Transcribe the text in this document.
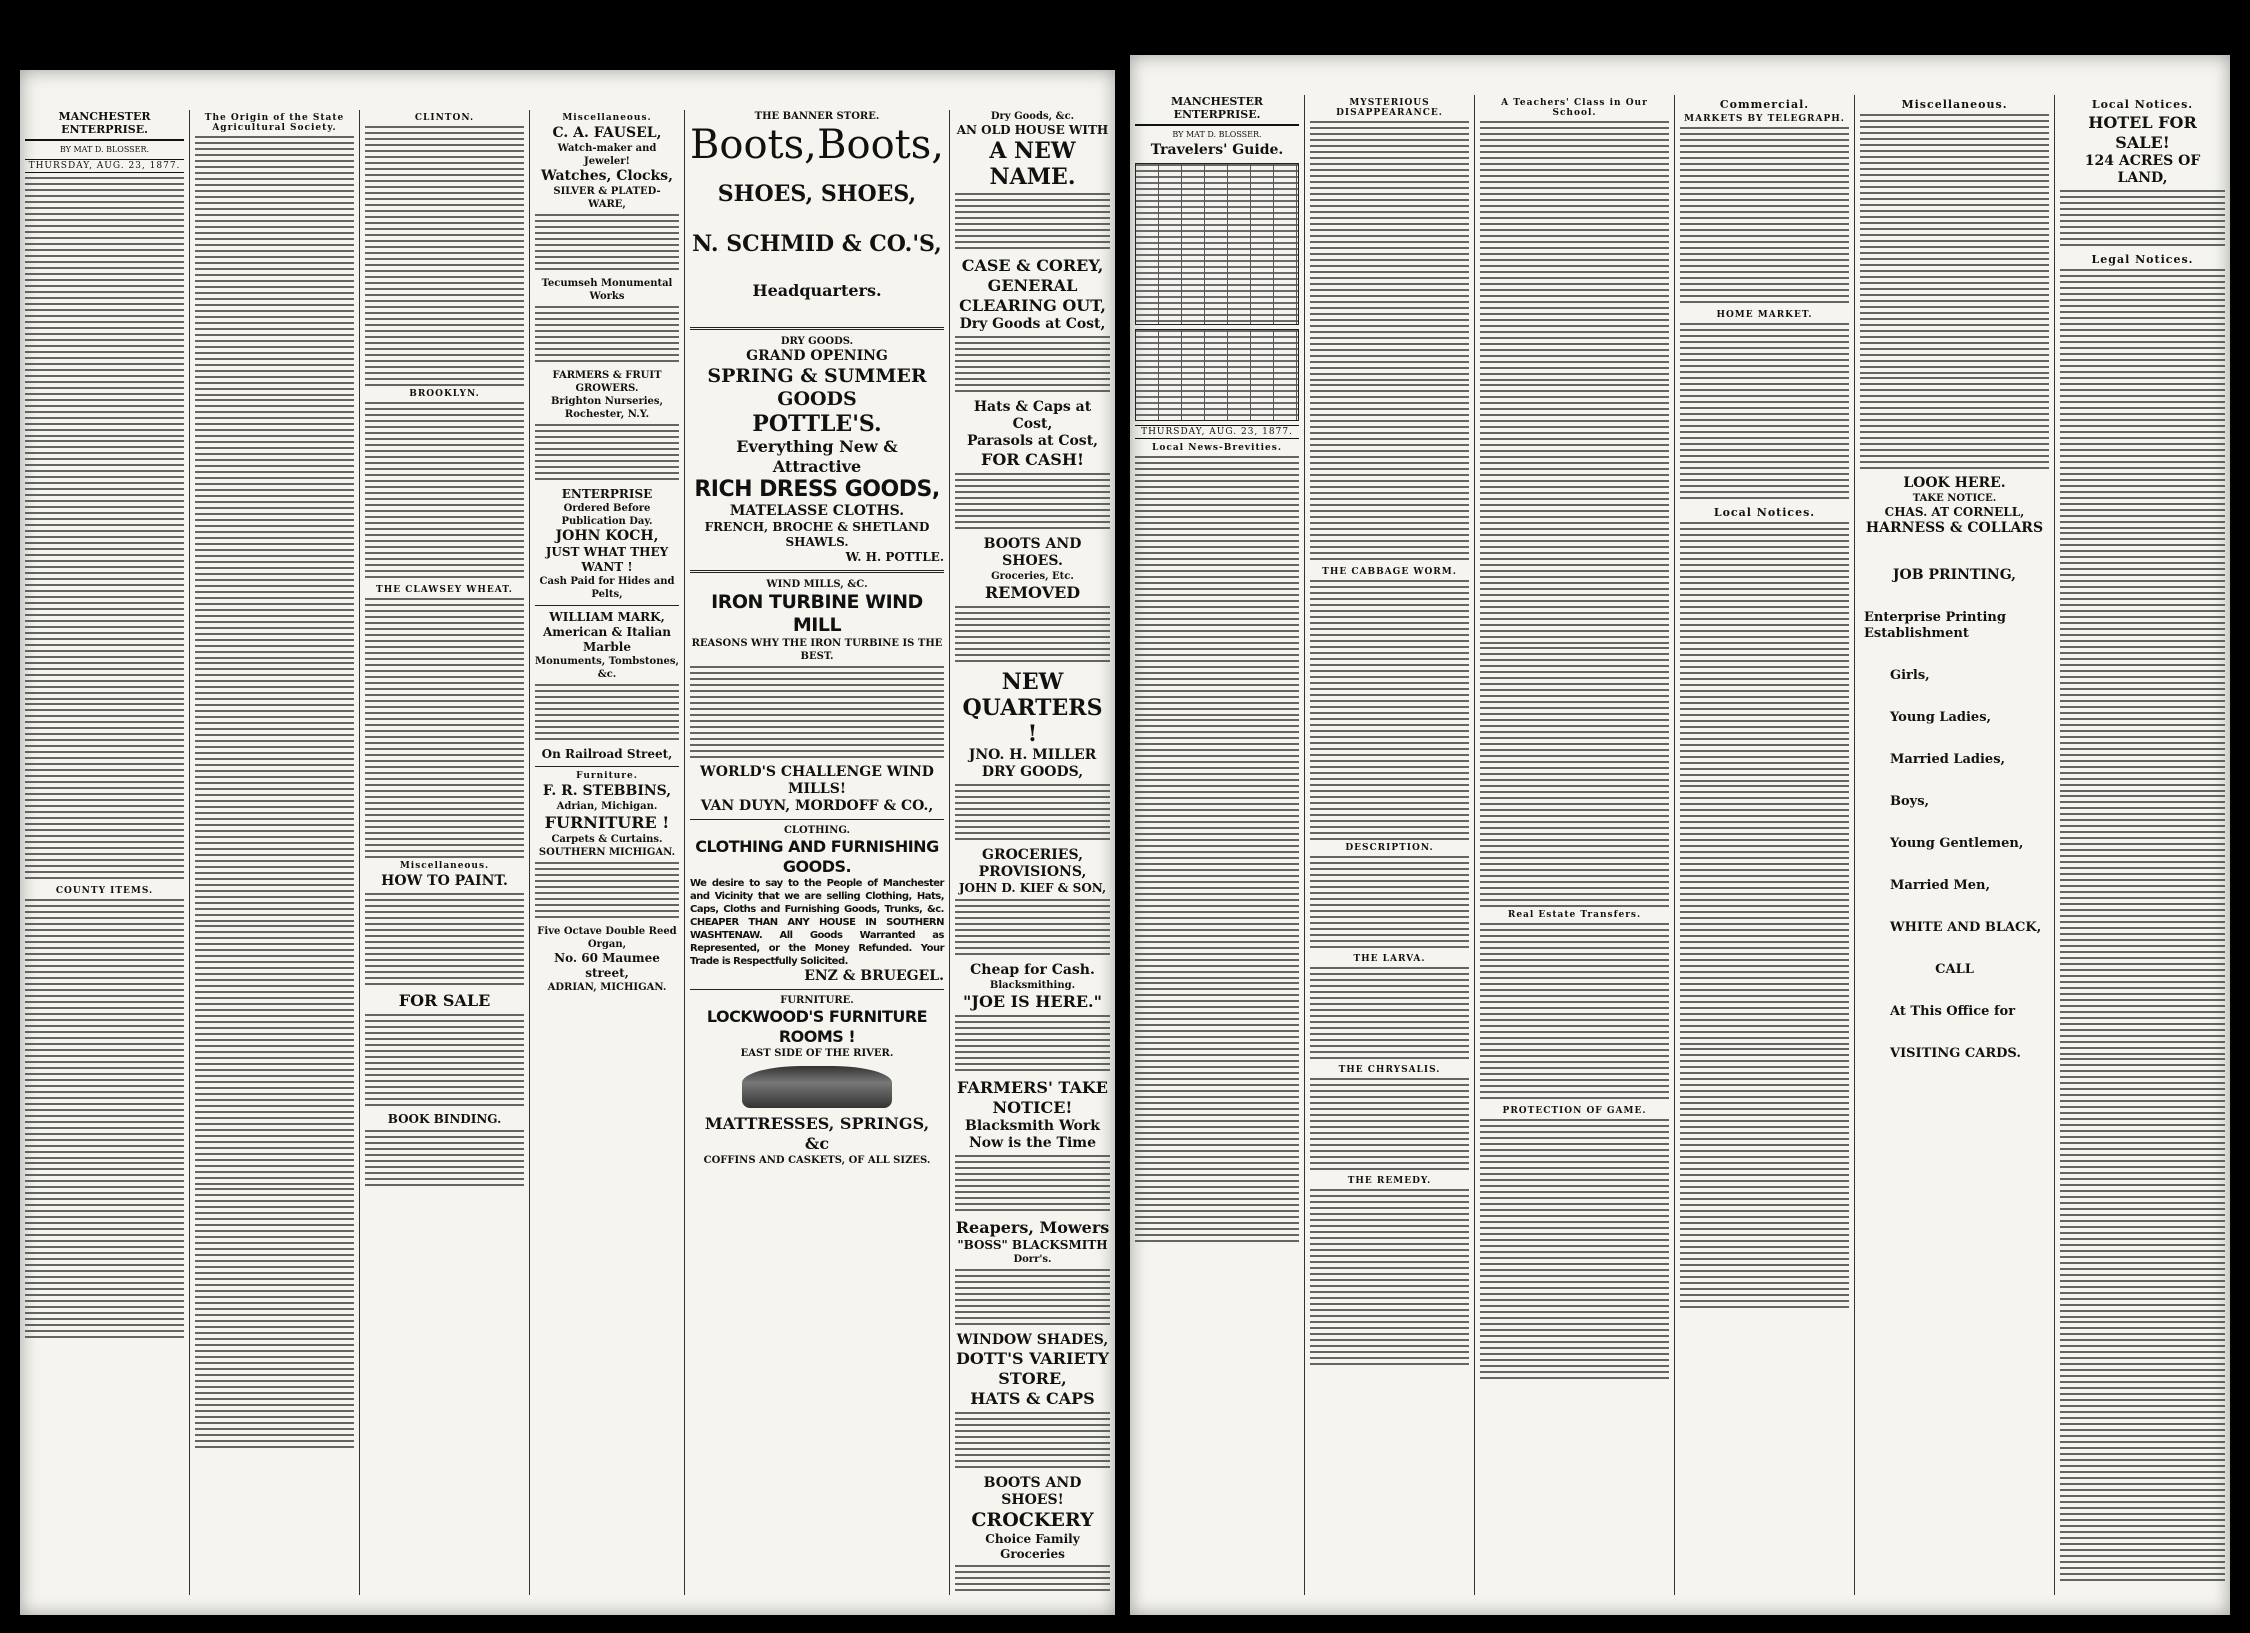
MANCHESTER ENTERPRISE.
BY MAT D. BLOSSER.
THURSDAY, AUG. 23, 1877.
COUNTY ITEMS.
The Origin of the State Agricultural Society.
CLINTON.
BROOKLYN.
THE CLAWSEY WHEAT.
Miscellaneous.
HOW TO PAINT.
FOR SALE
BOOK BINDING.
Miscellaneous.
C. A. FAUSEL,
Watch-maker and Jeweler!
Watches, Clocks,
SILVER & PLATED-WARE,
Tecumseh Monumental Works
FARMERS & FRUIT GROWERS.
Brighton Nurseries, Rochester, N.Y.
ENTERPRISE
Ordered Before Publication Day.
JOHN KOCH,
JUST WHAT THEY WANT !
Cash Paid for Hides and Pelts,
WILLIAM MARK,
American & Italian Marble
Monuments, Tombstones, &c.
On Railroad Street,
Furniture.
F. R. STEBBINS,
Adrian, Michigan.
FURNITURE !
Carpets & Curtains.
SOUTHERN MICHIGAN.
Five Octave Double Reed Organ,
No. 60 Maumee street,
ADRIAN, MICHIGAN.
THE BANNER STORE.
Boots, Boots,
SHOES, SHOES,
N. SCHMID & CO.'S,
Headquarters.
DRY GOODS.
GRAND OPENING
SPRING & SUMMER GOODS
POTTLE'S.
Everything New & Attractive
RICH DRESS GOODS,
MATELASSE CLOTHS.
FRENCH, BROCHE & SHETLAND SHAWLS.
W. H. POTTLE.
WIND MILLS, &C.
IRON TURBINE WIND MILL
REASONS WHY THE IRON TURBINE IS THE BEST.
WORLD'S CHALLENGE WIND MILLS!
VAN DUYN, MORDOFF & CO.,
CLOTHING.
CLOTHING AND FURNISHING GOODS.
We desire to say to the People of Manchester and Vicinity that we are selling Clothing, Hats, Caps, Cloths and Furnishing Goods, Trunks, &c. CHEAPER THAN ANY HOUSE IN SOUTHERN WASHTENAW. All Goods Warranted as Represented, or the Money Refunded. Your Trade is Respectfully Solicited.
ENZ & BRUEGEL.
FURNITURE.
LOCKWOOD'S FURNITURE ROOMS !
EAST SIDE OF THE RIVER.
MATTRESSES, SPRINGS, &c
COFFINS AND CASKETS, OF ALL SIZES.
Dry Goods, &c.
AN OLD HOUSE WITH
A NEW NAME.
CASE & COREY,
GENERAL CLEARING OUT,
Dry Goods at Cost,
Hats & Caps at Cost,
Parasols at Cost,
FOR CASH!
BOOTS AND SHOES.
Groceries, Etc.
REMOVED
NEW QUARTERS !
JNO. H. MILLER
DRY GOODS,
GROCERIES,
PROVISIONS,
JOHN D. KIEF & SON,
Cheap for Cash.
Blacksmithing.
"JOE IS HERE."
FARMERS' TAKE NOTICE!
Blacksmith Work
Now is the Time
Reapers, Mowers
"BOSS" BLACKSMITH
Dorr's.
WINDOW SHADES,
DOTT'S VARIETY STORE,
HATS & CAPS
BOOTS AND SHOES!
CROCKERY
Choice Family Groceries
MANCHESTER ENTERPRISE.
BY MAT D. BLOSSER.
Travelers' Guide.
THURSDAY, AUG. 23, 1877.
Local News-Brevities.
MYSTERIOUS DISAPPEARANCE.
THE CABBAGE WORM.
DESCRIPTION.
THE LARVA.
THE CHRYSALIS.
THE REMEDY.
A Teachers' Class in Our School.
Real Estate Transfers.
PROTECTION OF GAME.
Commercial.
MARKETS BY TELEGRAPH.
HOME MARKET.
Local Notices.
Miscellaneous.
LOOK HERE.
TAKE NOTICE.
CHAS. AT CORNELL,
HARNESS & COLLARS
JOB PRINTING,
Enterprise Printing Establishment
Girls,
Young Ladies,
Married Ladies,
Boys,
Young Gentlemen,
Married Men,
WHITE AND BLACK,
CALL
At This Office for
VISITING CARDS.
Local Notices.
HOTEL FOR SALE!
124 ACRES OF LAND,
Legal Notices.
